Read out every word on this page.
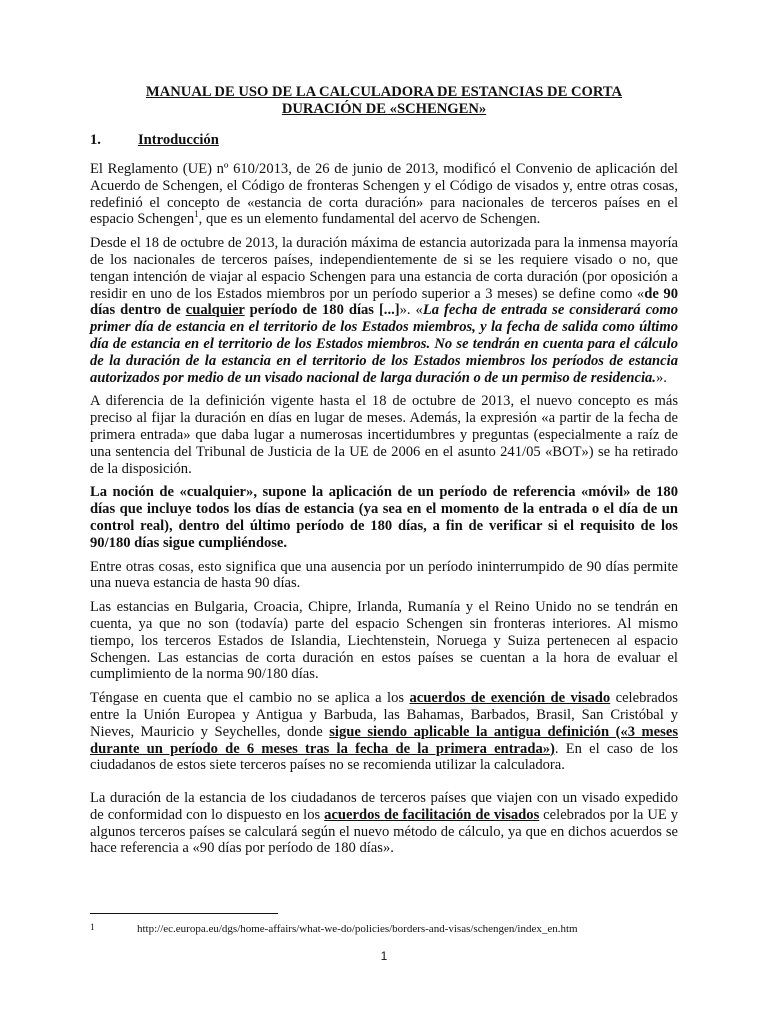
MANUAL DE USO DE LA CALCULADORA DE ESTANCIAS DE CORTA
DURACIÓN DE «SCHENGEN»
1.	Introducción

El Reglamento (UE) nº 610/2013, de 26 de junio de 2013, modificó el Convenio de aplicación del Acuerdo de Schengen, el Código de fronteras Schengen y el Código de visados y, entre otras cosas, redefinió el concepto de «estancia de corta duración» para nacionales de terceros países en el espacio Schengen$^1$, que es un elemento fundamental del acervo de Schengen.

Desde el 18 de octubre de 2013, la duración máxima de estancia autorizada para la inmensa mayoría de los nacionales de terceros países, independientemente de si se les requiere visado o no, que tengan intención de viajar al espacio Schengen para una estancia de corta duración (por oposición a residir en uno de los Estados miembros por un período superior a 3 meses) se define como «de 90 días dentro de cualquier período de 180 días [...]». «La fecha de entrada se considerará como primer día de estancia en el territorio de los Estados miembros, y la fecha de salida como último día de estancia en el territorio de los Estados miembros. No se tendrán en cuenta para el cálculo de la duración de la estancia en el territorio de los Estados miembros los períodos de estancia autorizados por medio de un visado nacional de larga duración o de un permiso de residencia.».

A diferencia de la definición vigente hasta el 18 de octubre de 2013, el nuevo concepto es más preciso al fijar la duración en días en lugar de meses. Además, la expresión «a partir de la fecha de primera entrada» que daba lugar a numerosas incertidumbres y preguntas (especialmente a raíz de una sentencia del Tribunal de Justicia de la UE de 2006 en el asunto 241/05 «BOT») se ha retirado de la disposición.

La noción de «cualquier», supone la aplicación de un período de referencia «móvil» de 180 días que incluye todos los días de estancia (ya sea en el momento de la entrada o el día de un control real), dentro del último período de 180 días, a fin de verificar si el requisito de los 90/180 días sigue cumpliéndose.

Entre otras cosas, esto significa que una ausencia por un período ininterrumpido de 90 días permite una nueva estancia de hasta 90 días.

Las estancias en Bulgaria, Croacia, Chipre, Irlanda, Rumanía y el Reino Unido no se tendrán en cuenta, ya que no son (todavía) parte del espacio Schengen sin fronteras interiores. Al mismo tiempo, los terceros Estados de Islandia, Liechtenstein, Noruega y Suiza pertenecen al espacio Schengen. Las estancias de corta duración en estos países se cuentan a la hora de evaluar el cumplimiento de la norma 90/180 días.

Téngase en cuenta que el cambio no se aplica a los acuerdos de exención de visado celebrados entre la Unión Europea y Antigua y Barbuda, las Bahamas, Barbados, Brasil, San Cristóbal y Nieves, Mauricio y Seychelles, donde sigue siendo aplicable la antigua definición («3 meses durante un período de 6 meses tras la fecha de la primera entrada»). En el caso de los ciudadanos de estos siete terceros países no se recomienda utilizar la calculadora.

La duración de la estancia de los ciudadanos de terceros países que viajen con un visado expedido de conformidad con lo dispuesto en los acuerdos de facilitación de visados celebrados por la UE y algunos terceros países se calculará según el nuevo método de cálculo, ya que en dichos acuerdos se hace referencia a «90 días por período de 180 días».

1	http://ec.europa.eu/dgs/home-affairs/what-we-do/policies/borders-and-visas/schengen/index_en.htm
1
